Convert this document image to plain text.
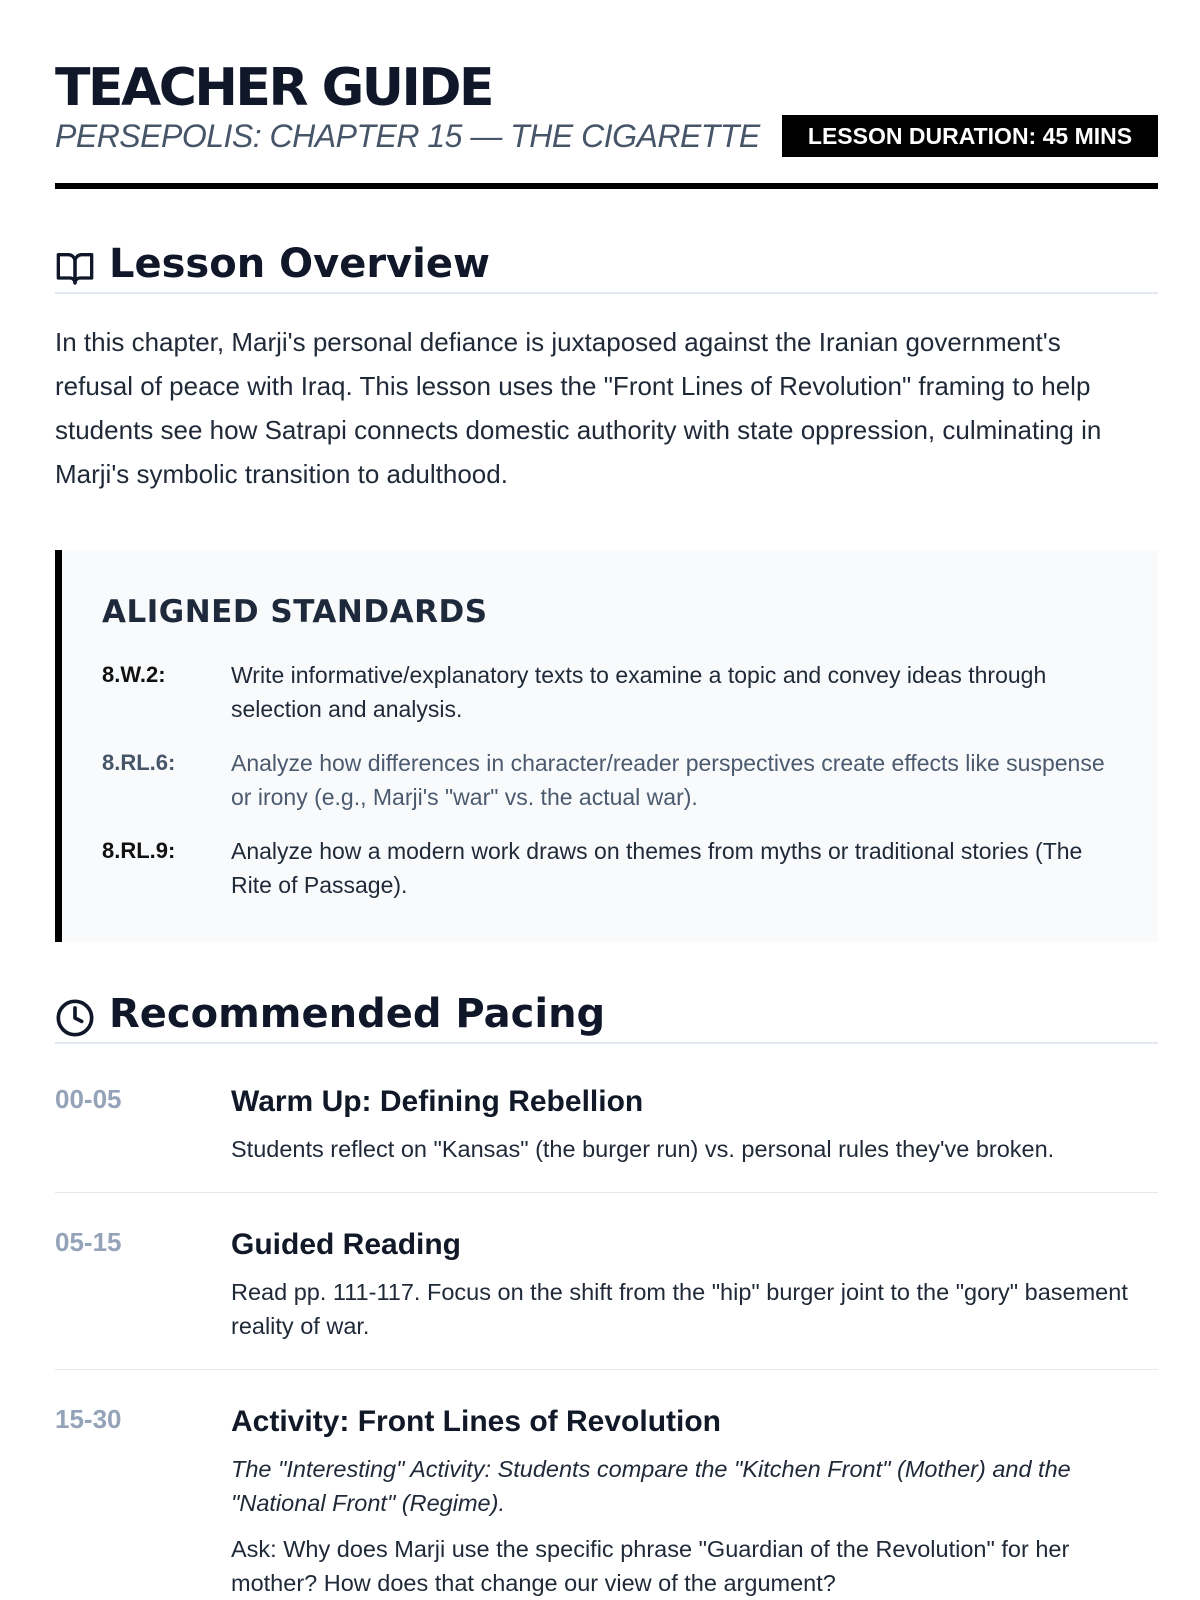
TEACHER GUIDE

PERSEPOLIS: CHAPTER 15 — THE CIGARETTE	LESSON DURATION: 45 MINS
Lesson Overview

In this chapter, Marji's personal defiance is juxtaposed against the Iranian government's refusal of peace with Iraq. This lesson uses the "Front Lines of Revolution" framing to help students see how Satrapi connects domestic authority with state oppression, culminating in Marji's symbolic transition to adulthood.

ALIGNED STANDARDS
8.W.2:	Write informative/explanatory texts to examine a topic and convey ideas through selection and analysis.
8.RL.6: Analyze how differences in character/reader perspectives create effects like suspense or irony (e.g., Marji's "war" vs. the actual war).
8.RL.9: Analyze how a modern work draws on themes from myths or traditional stories (The Rite of Passage).
Recommended Pacing
00-05	Warm Up: Defining Rebellion

Students reflect on "Kansas" (the burger run) vs. personal rules they've broken.

05-15	Guided Reading

Read pp. 111-117. Focus on the shift from the "hip" burger joint to the "gory" basement reality of war.

15-30	Activity: Front Lines of Revolution

The "Interesting" Activity: Students compare the "Kitchen Front" (Mother) and the "National Front" (Regime).

Ask: Why does Marji use the specific phrase "Guardian of the Revolution" for her mother? How does that change our view of the argument?
